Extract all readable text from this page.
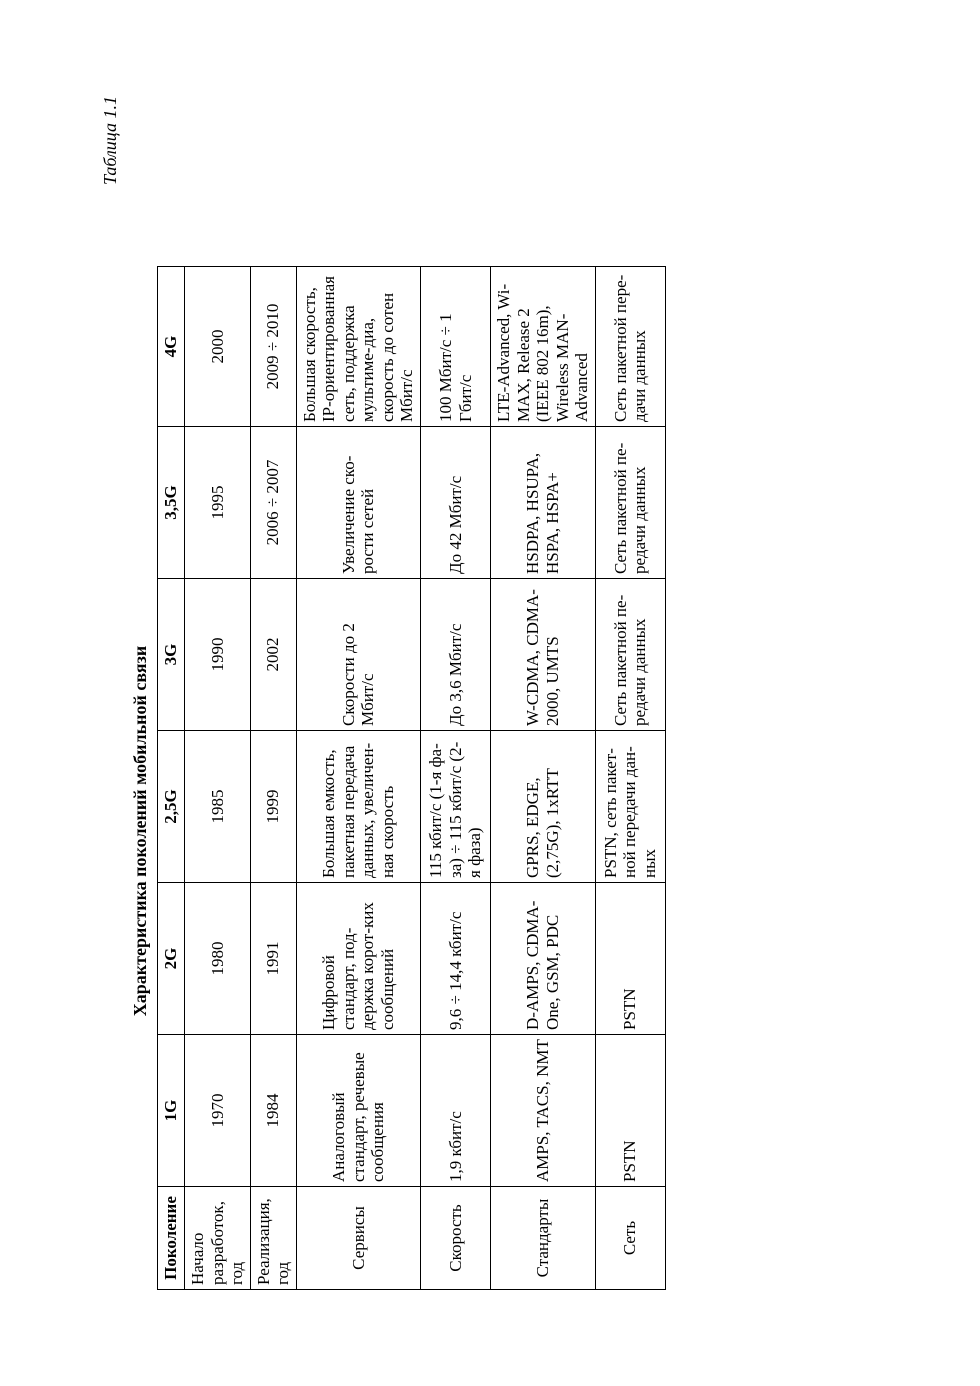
Таблица 1.1
Характеристика поколений мобильной связи
Поколение	1G	2G	2,5G	3G	3,5G	4G
Начало разработок, год	1970	1980	1985	1990	1995	2000
Реализация, год	1984	1991	1999	2002	2006 ÷ 2007	2009 ÷ 2010
Сервисы	Аналоговый стандарт, речевые сообщения	Цифровой стандарт, под-держка корот-ких сообщений	Большая емкость, пакетная передача данных, увеличен-ная скорость	Скорости до 2 Мбит/с	Увеличение ско-рости сетей	Большая скорость, IP-ориентированная сеть, поддержка мультиме-диа, скорость до сотен Мбит/с
Скорость	1,9 кбит/с	9,6 ÷ 14,4 кбит/с	115 кбит/с (1-я фа-за) ÷ 115 кбит/с (2-я фаза)	До 3,6 Мбит/с	До 42 Мбит/с	100 Мбит/с ÷ 1 Гбит/с
Стандарты	AMPS, TACS, NMT	D-AMPS, CDMA-One, GSM, PDC	GPRS, EDGE, (2,75G), 1xRTT	W-CDMA, CDMA-2000, UMTS	HSDPA, HSUPA, HSPA, HSPA+	LTE-Advanced, Wi-MAX, Release 2 (IEEE 802 16m), Wireless MAN-Advanced
Сеть	PSTN	PSTN	PSTN, сеть пакет-ной передачи дан-ных	Сеть пакетной пе-редачи данных	Сеть пакетной пе-редачи данных	Сеть пакетной пере-дачи данных
